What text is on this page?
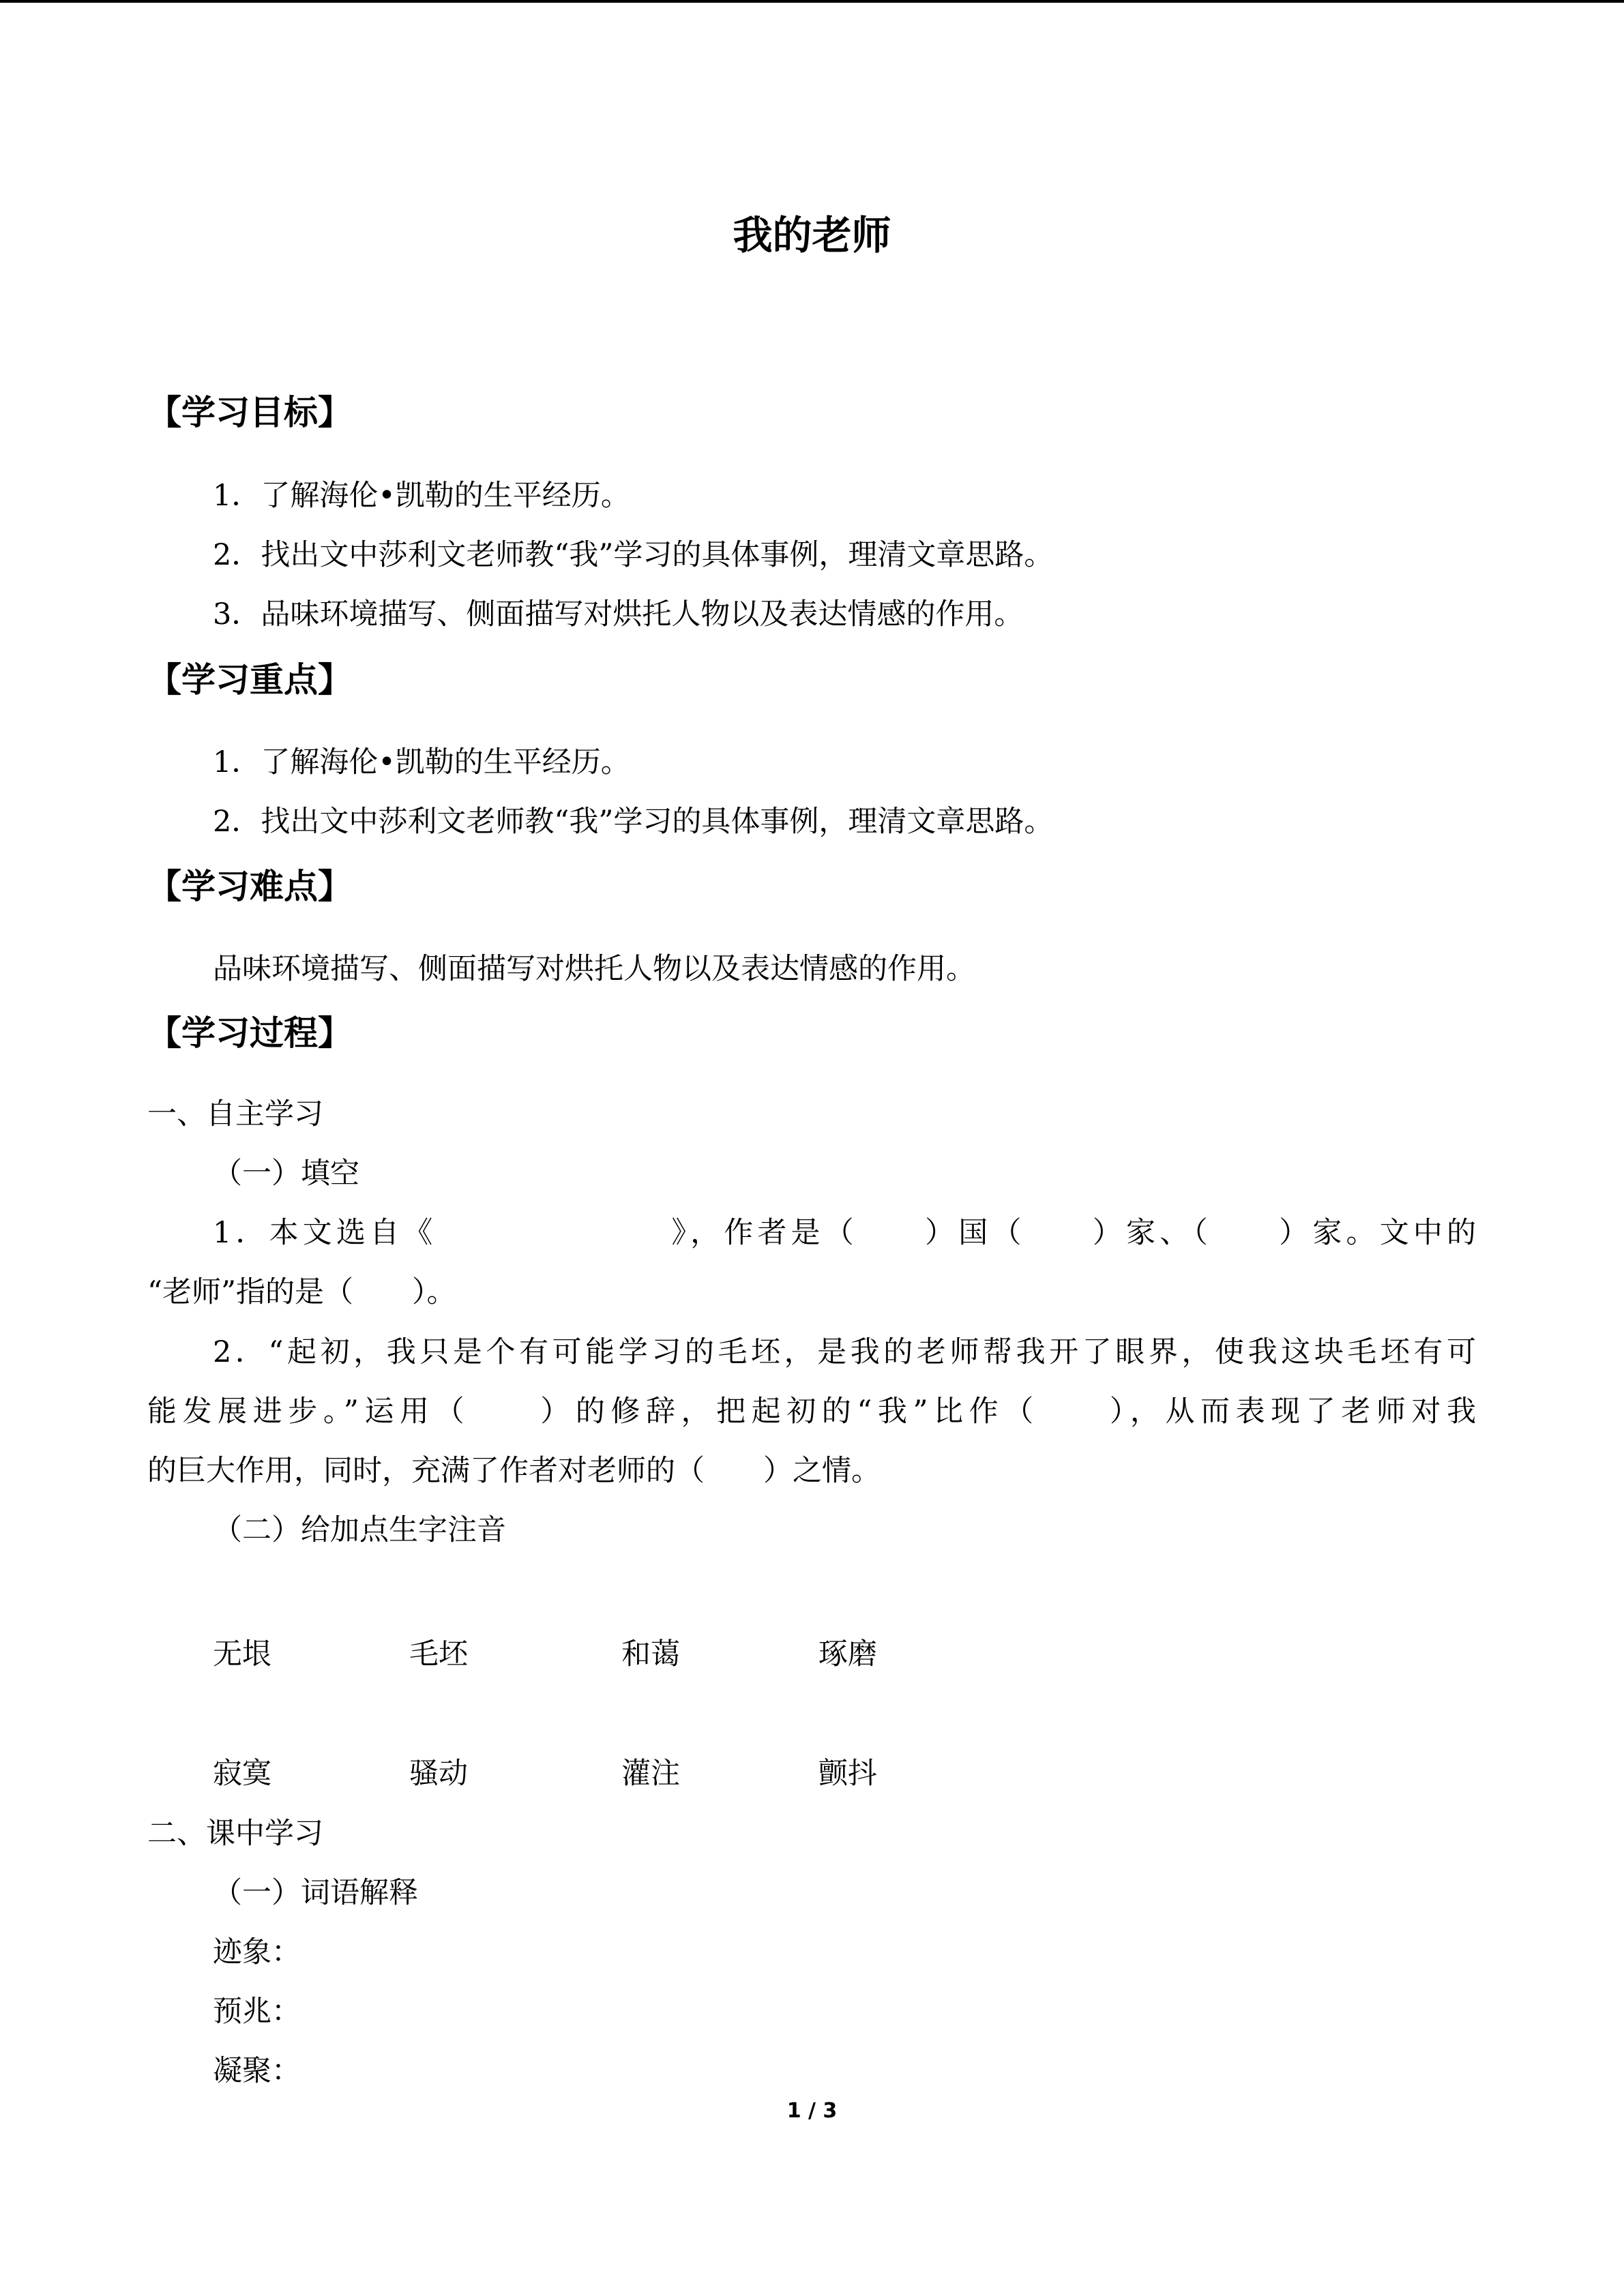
我的老师
【学习目标】
1．了解海伦•凯勒的生平经历。
2．找出文中莎利文老师教“我”学习的具体事例，理清文章思路。
3．品味环境描写、侧面描写对烘托人物以及表达情感的作用。
【学习重点】
1．了解海伦•凯勒的生平经历。
2．找出文中莎利文老师教“我”学习的具体事例，理清文章思路。
【学习难点】
品味环境描写、侧面描写对烘托人物以及表达情感的作用。
【学习过程】
一、自主学习
（一）填空
1．本文选自《　　　　　　　》，作者是（　　）国（　　）家、（　　）家。文中的
“老师”指的是（　　）。
2．“起初，我只是个有可能学习的毛坯，是我的老师帮我开了眼界，使我这块毛坯有可
能发展进步。”运用（　　）的修辞，把起初的“我”比作（　　），从而表现了老师对我
的巨大作用，同时，充满了作者对老师的（　　）之情。
（二）给加点生字注音
无垠	毛坯	和蔼	琢磨
寂寞	骚动	灌注	颤抖
二、课中学习
（一）词语解释
迹象：
预兆：
凝聚：
1 / 3
